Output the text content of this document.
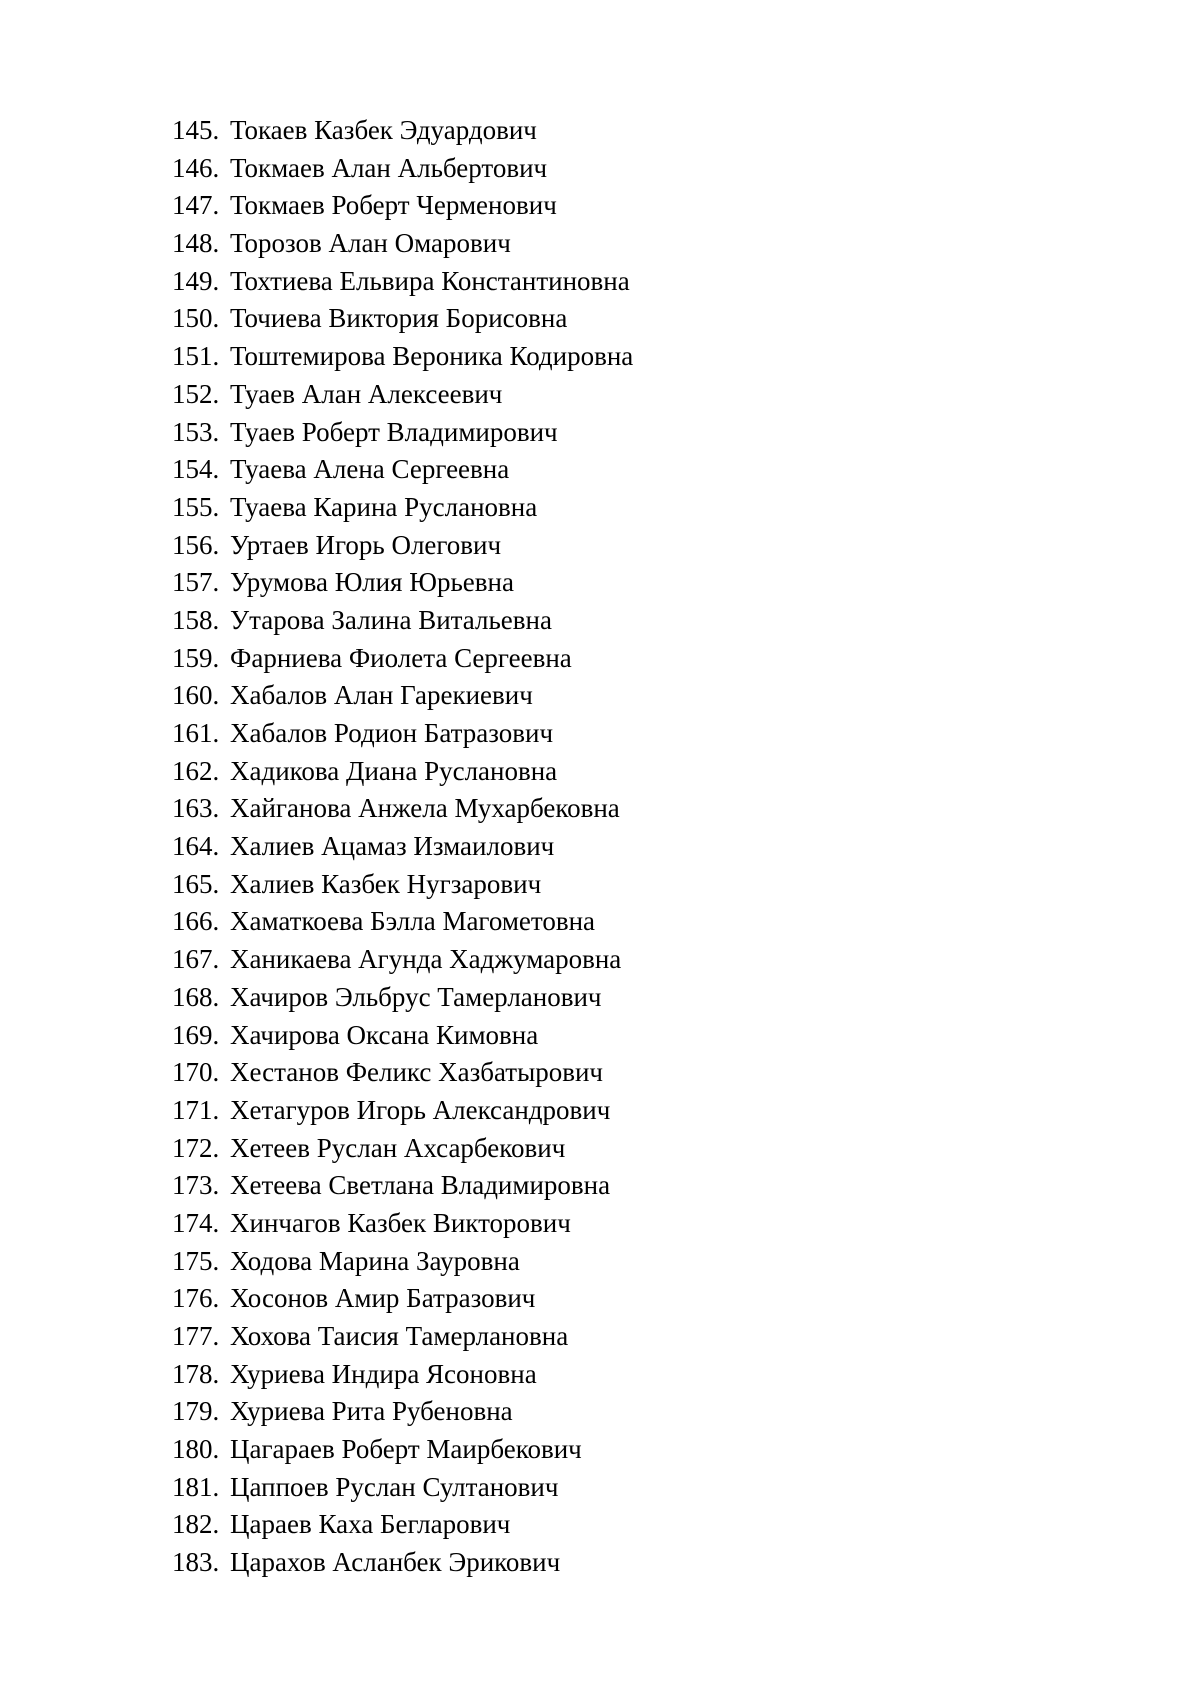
145. Токаев Казбек Эдуардович
146. Токмаев Алан Альбертович
147. Токмаев Роберт Черменович
148. Торозов Алан Омарович
149. Тохтиева Ельвира Константиновна
150. Точиева Виктория Борисовна
151. Тоштемирова Вероника Кодировна
152. Туаев Алан Алексеевич
153. Туаев Роберт Владимирович
154. Туаева Алена Сергеевна
155. Туаева Карина Руслановна
156. Уртаев Игорь Олегович
157. Урумова Юлия Юрьевна
158. Утарова Залина Витальевна
159. Фарниева Фиолета Сергеевна
160. Хабалов Алан Гарекиевич
161. Хабалов Родион Батразович
162. Хадикова Диана Руслановна
163. Хайганова Анжела Мухарбековна
164. Халиев Ацамаз Измаилович
165. Халиев Казбек Нугзарович
166. Хаматкоева Бэлла Магометовна
167. Ханикаева Агунда Хаджумаровна
168. Хачиров Эльбрус Тамерланович
169. Хачирова Оксана Кимовна
170. Хестанов Феликс Хазбатырович
171. Хетагуров Игорь Александрович
172. Хетеев Руслан Ахсарбекович
173. Хетеева Светлана Владимировна
174. Хинчагов Казбек Викторович
175. Ходова Марина Зауровна
176. Хосонов Амир Батразович
177. Хохова Таисия Тамерлановна
178. Хуриева Индира Ясоновна
179. Хуриева Рита Рубеновна
180. Цагараев Роберт Маирбекович
181. Цаппоев Руслан Султанович
182. Цараев Каха Бегларович
183. Царахов Асланбек Эрикович
